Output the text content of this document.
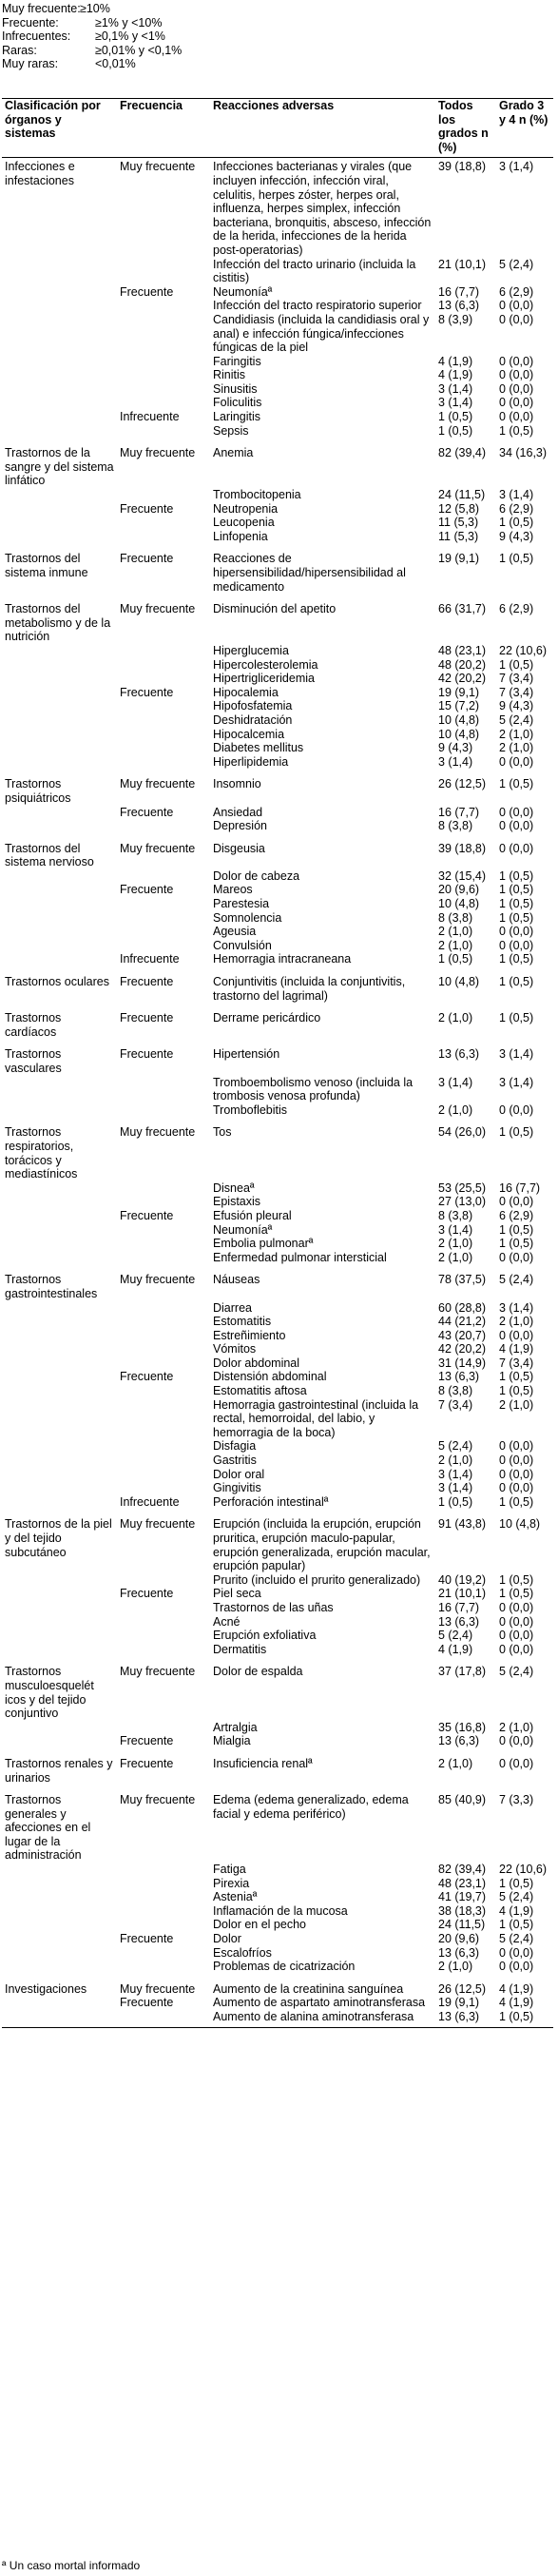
Muy frecuente: ≥10%
Frecuente:	≥1% y <10%
Infrecuentes: ≥0,1% y <1%
Raras:	≥0,01% y <0,1%
Muy raras:	<0,01%
Clasificación por órganos y sistemas	Frecuencia	Reacciones adversas	Todos los grados n (%)	Grado 3 y 4 n (%)
Infecciones e infestaciones	Muy frecuente	Infecciones bacterianas y virales (que incluyen infección, infección viral, celulitis, herpes zóster, herpes oral, influenza, herpes simplex, infección bacteriana, bronquitis, absceso, infección de la herida, infecciones de la herida post-operatorias)	39 (18,8)	3 (1,4)
		Infección del tracto urinario (incluida la cistitis)	21 (10,1)	5 (2,4)
	Frecuente	Neumoníaª	16 (7,7)	6 (2,9)
		Infección del tracto respiratorio superior	13 (6,3)	0 (0,0)
		Candidiasis (incluida la candidiasis oral y anal) e infección fúngica/infecciones fúngicas de la piel	8 (3,9)	0 (0,0)
		Faringitis	4 (1,9)	0 (0,0)
		Rinitis	4 (1,9)	0 (0,0)
		Sinusitis	3 (1,4)	0 (0,0)
		Foliculitis	3 (1,4)	0 (0,0)
	Infrecuente	Laringitis	1 (0,5)	0 (0,0)
		Sepsis	1 (0,5)	1 (0,5)
Trastornos de la sangre y del sistema linfático	Muy frecuente	Anemia	82 (39,4)	34 (16,3)
		Trombocitopenia	24 (11,5)	3 (1,4)
	Frecuente	Neutropenia	12 (5,8)	6 (2,9)
		Leucopenia	11 (5,3)	1 (0,5)
		Linfopenia	11 (5,3)	9 (4,3)
Trastornos del sistema inmune	Frecuente	Reacciones de hipersensibilidad/hipersensibilidad al medicamento	19 (9,1)	1 (0,5)
Trastornos del metabolismo y de la nutrición	Muy frecuente	Disminución del apetito	66 (31,7)	6 (2,9)
		Hiperglucemia	48 (23,1)	22 (10,6)
		Hipercolesterolemia	48 (20,2)	1 (0,5)
		Hipertrigliceridemia	42 (20,2)	7 (3,4)
	Frecuente	Hipocalemia	19 (9,1)	7 (3,4)
		Hipofosfatemia	15 (7,2)	9 (4,3)
		Deshidratación	10 (4,8)	5 (2,4)
		Hipocalcemia	10 (4,8)	2 (1,0)
		Diabetes mellitus	9 (4,3)	2 (1,0)
		Hiperlipidemia	3 (1,4)	0 (0,0)
Trastornos psiquiátricos	Muy frecuente	Insomnio	26 (12,5)	1 (0,5)
	Frecuente	Ansiedad	16 (7,7)	0 (0,0)
		Depresión	8 (3,8)	0 (0,0)
Trastornos del sistema nervioso	Muy frecuente	Disgeusia	39 (18,8)	0 (0,0)
		Dolor de cabeza	32 (15,4)	1 (0,5)
	Frecuente	Mareos	20 (9,6)	1 (0,5)
		Parestesia	10 (4,8)	1 (0,5)
		Somnolencia	8 (3,8)	1 (0,5)
		Ageusia	2 (1,0)	0 (0,0)
		Convulsión	2 (1,0)	0 (0,0)
	Infrecuente	Hemorragia intracraneana	1 (0,5)	1 (0,5)
Trastornos oculares	Frecuente	Conjuntivitis (incluida la conjuntivitis, trastorno del lagrimal)	10 (4,8)	1 (0,5)
Trastornos cardíacos	Frecuente	Derrame pericárdico	2 (1,0)	1 (0,5)
Trastornos vasculares	Frecuente	Hipertensión	13 (6,3)	3 (1,4)
		Tromboembolismo venoso (incluida la trombosis venosa profunda)	3 (1,4)	3 (1,4)
		Tromboflebitis	2 (1,0)	0 (0,0)
Trastornos respiratorios, torácicos y mediastínicos	Muy frecuente	Tos	54 (26,0)	1 (0,5)
		Disneaª	53 (25,5)	16 (7,7)
		Epistaxis	27 (13,0)	0 (0,0)
	Frecuente	Efusión pleural	8 (3,8)	6 (2,9)
		Neumoníaª	3 (1,4)	1 (0,5)
		Embolia pulmonarª	2 (1,0)	1 (0,5)
		Enfermedad pulmonar intersticial	2 (1,0)	0 (0,0)
Trastornos gastrointestinales	Muy frecuente	Náuseas	78 (37,5)	5 (2,4)
		Diarrea	60 (28,8)	3 (1,4)
		Estomatitis	44 (21,2)	2 (1,0)
		Estreñimiento	43 (20,7)	0 (0,0)
		Vómitos	42 (20,2)	4 (1,9)
		Dolor abdominal	31 (14,9)	7 (3,4)
	Frecuente	Distensión abdominal	13 (6,3)	1 (0,5)
		Estomatitis aftosa	8 (3,8)	1 (0,5)
		Hemorragia gastrointestinal (incluida la rectal, hemorroidal, del labio, y hemorragia de la boca)	7 (3,4)	2 (1,0)
		Disfagia	5 (2,4)	0 (0,0)
		Gastritis	2 (1,0)	0 (0,0)
		Dolor oral	3 (1,4)	0 (0,0)
		Gingivitis	3 (1,4)	0 (0,0)
	Infrecuente	Perforación intestinalª	1 (0,5)	1 (0,5)
Trastornos de la piel y del tejido subcutáneo	Muy frecuente	Erupción (incluida la erupción, erupción pruritica, erupción maculo-papular, erupción generalizada, erupción macular, erupción papular)	91 (43,8)	10 (4,8)
		Prurito (incluido el prurito generalizado)	40 (19,2)	1 (0,5)
	Frecuente	Piel seca	21 (10,1)	1 (0,5)
		Trastornos de las uñas	16 (7,7)	0 (0,0)
		Acné	13 (6,3)	0 (0,0)
		Erupción exfoliativa	5 (2,4)	0 (0,0)
		Dermatitis	4 (1,9)	0 (0,0)
Trastornos musculoesquelét icos y del tejido conjuntivo	Muy frecuente	Dolor de espalda	37 (17,8)	5 (2,4)
		Artralgia	35 (16,8)	2 (1,0)
	Frecuente	Mialgia	13 (6,3)	0 (0,0)
Trastornos renales y urinarios	Frecuente	Insuficiencia renalª	2 (1,0)	0 (0,0)
Trastornos generales y afecciones en el lugar de la administración	Muy frecuente	Edema (edema generalizado, edema facial y edema periférico)	85 (40,9)	7 (3,3)
		Fatiga	82 (39,4)	22 (10,6)
		Pirexia	48 (23,1)	1 (0,5)
		Asteniaª	41 (19,7)	5 (2,4)
		Inflamación de la mucosa	38 (18,3)	4 (1,9)
		Dolor en el pecho	24 (11,5)	1 (0,5)
	Frecuente	Dolor	20 (9,6)	5 (2,4)
		Escalofríos	13 (6,3)	0 (0,0)
		Problemas de cicatrización	2 (1,0)	0 (0,0)
Investigaciones	Muy frecuente	Aumento de la creatinina sanguínea	26 (12,5)	4 (1,9)
	Frecuente	Aumento de aspartato aminotransferasa	19 (9,1)	4 (1,9)
		Aumento de alanina aminotransferasa	13 (6,3)	1 (0,5)
ª Un caso mortal informado
